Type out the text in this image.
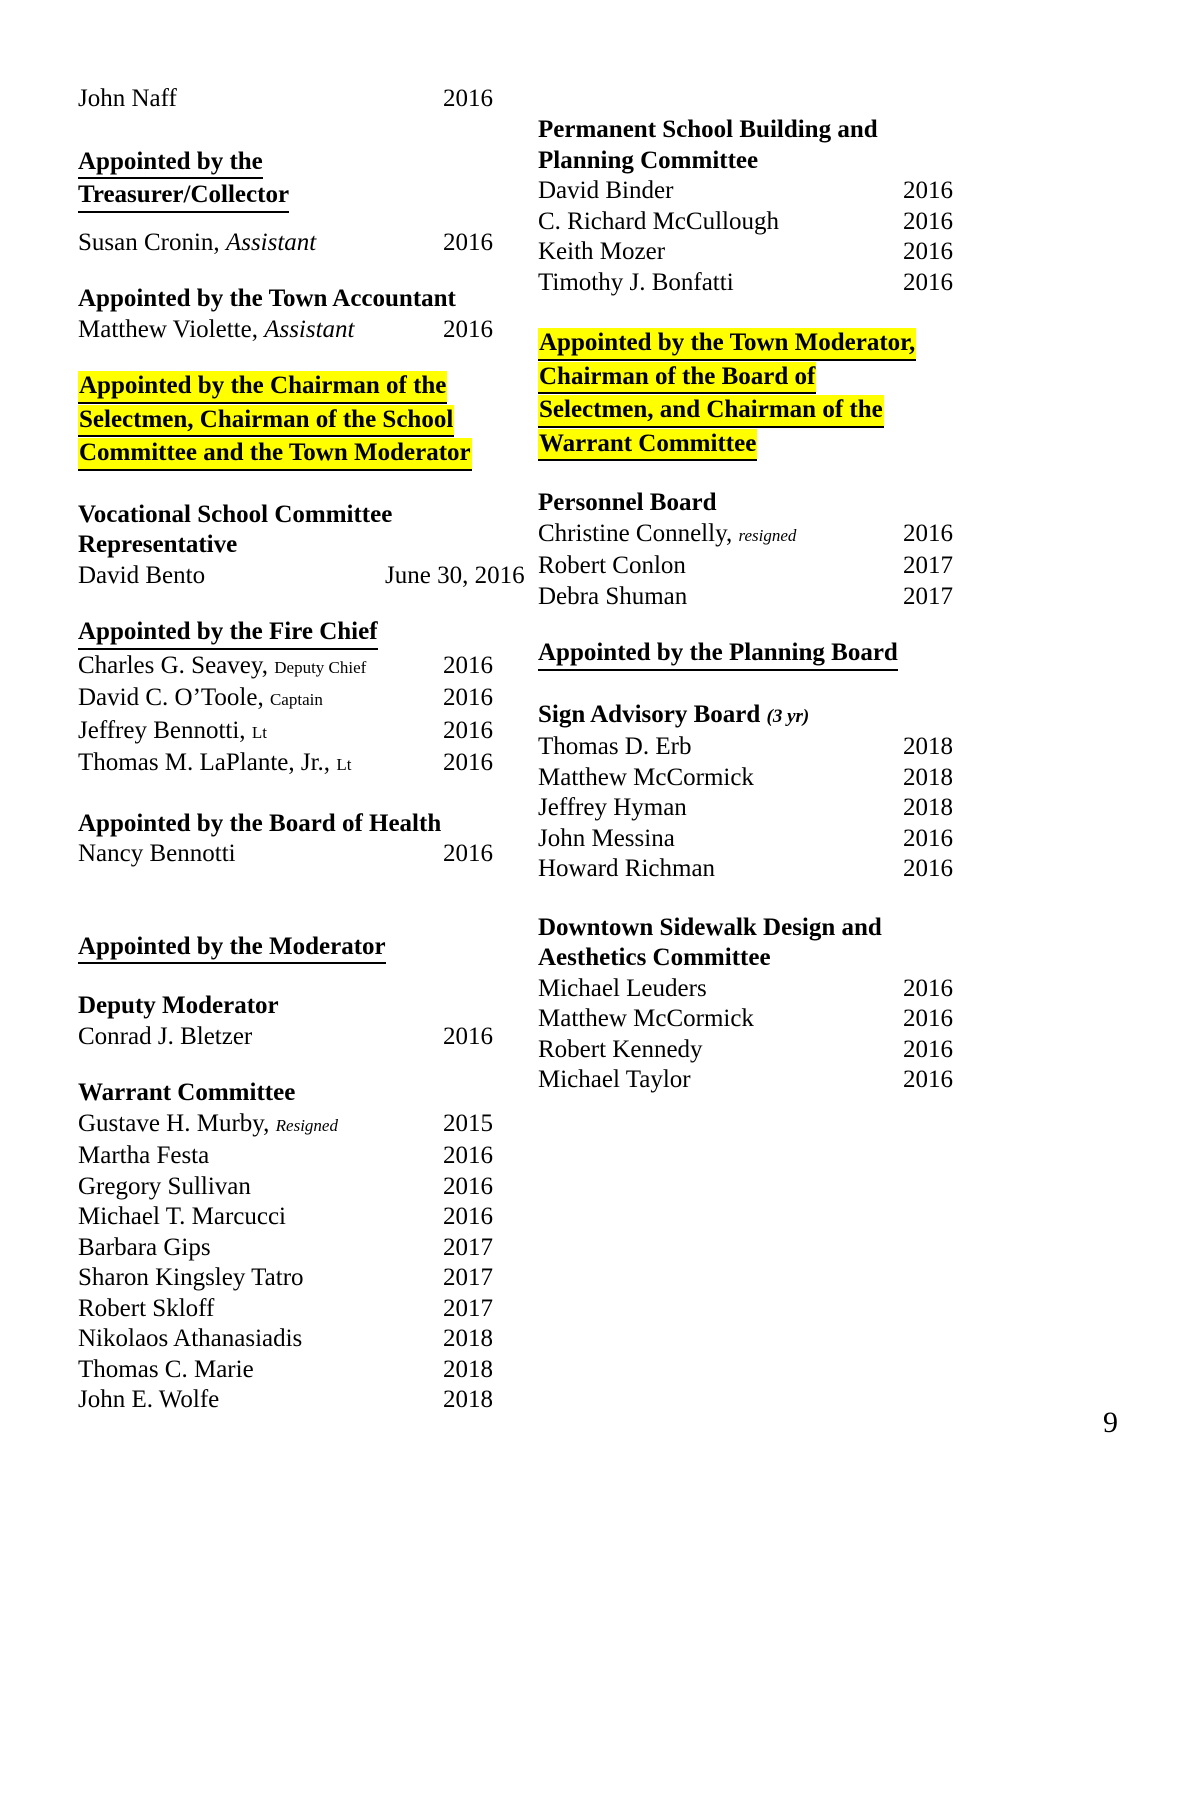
John Naff	2016
Appointed by the
Treasurer/Collector
Susan Cronin, Assistant	2016
Appointed by the Town Accountant
Matthew Violette, Assistant	2016
Appointed by the Chairman of the
Selectmen, Chairman of the School
Committee and the Town Moderator
Vocational School Committee
Representative
David Bento	June 30, 2016
Appointed by the Fire Chief
Charles G. Seavey, Deputy Chief	2016
David C. O’Toole, Captain	2016
Jeffrey Bennotti, Lt	2016
Thomas M. LaPlante, Jr., Lt	2016
Appointed by the Board of Health
Nancy Bennotti	2016
Appointed by the Moderator
Deputy Moderator
Conrad J. Bletzer	2016
Warrant Committee
Gustave H. Murby, Resigned	2015
Martha Festa	2016
Gregory Sullivan	2016
Michael T. Marcucci	2016
Barbara Gips	2017
Sharon Kingsley Tatro	2017
Robert Skloff	2017
Nikolaos Athanasiadis	2018
Thomas C. Marie	2018
John E. Wolfe	2018
Permanent School Building and
Planning Committee
David Binder	2016
C. Richard McCullough	2016
Keith Mozer	2016
Timothy J. Bonfatti	2016
Appointed by the Town Moderator,
Chairman of the Board of
Selectmen, and Chairman of the
Warrant Committee
Personnel Board
Christine Connelly, resigned	2016
Robert Conlon	2017
Debra Shuman	2017
Appointed by the Planning Board
Sign Advisory Board (3 yr)
Thomas D. Erb	2018
Matthew McCormick	2018
Jeffrey Hyman	2018
John Messina	2016
Howard Richman	2016
Downtown Sidewalk Design and
Aesthetics Committee
Michael Leuders	2016
Matthew McCormick	2016
Robert Kennedy	2016
Michael Taylor	2016
9
